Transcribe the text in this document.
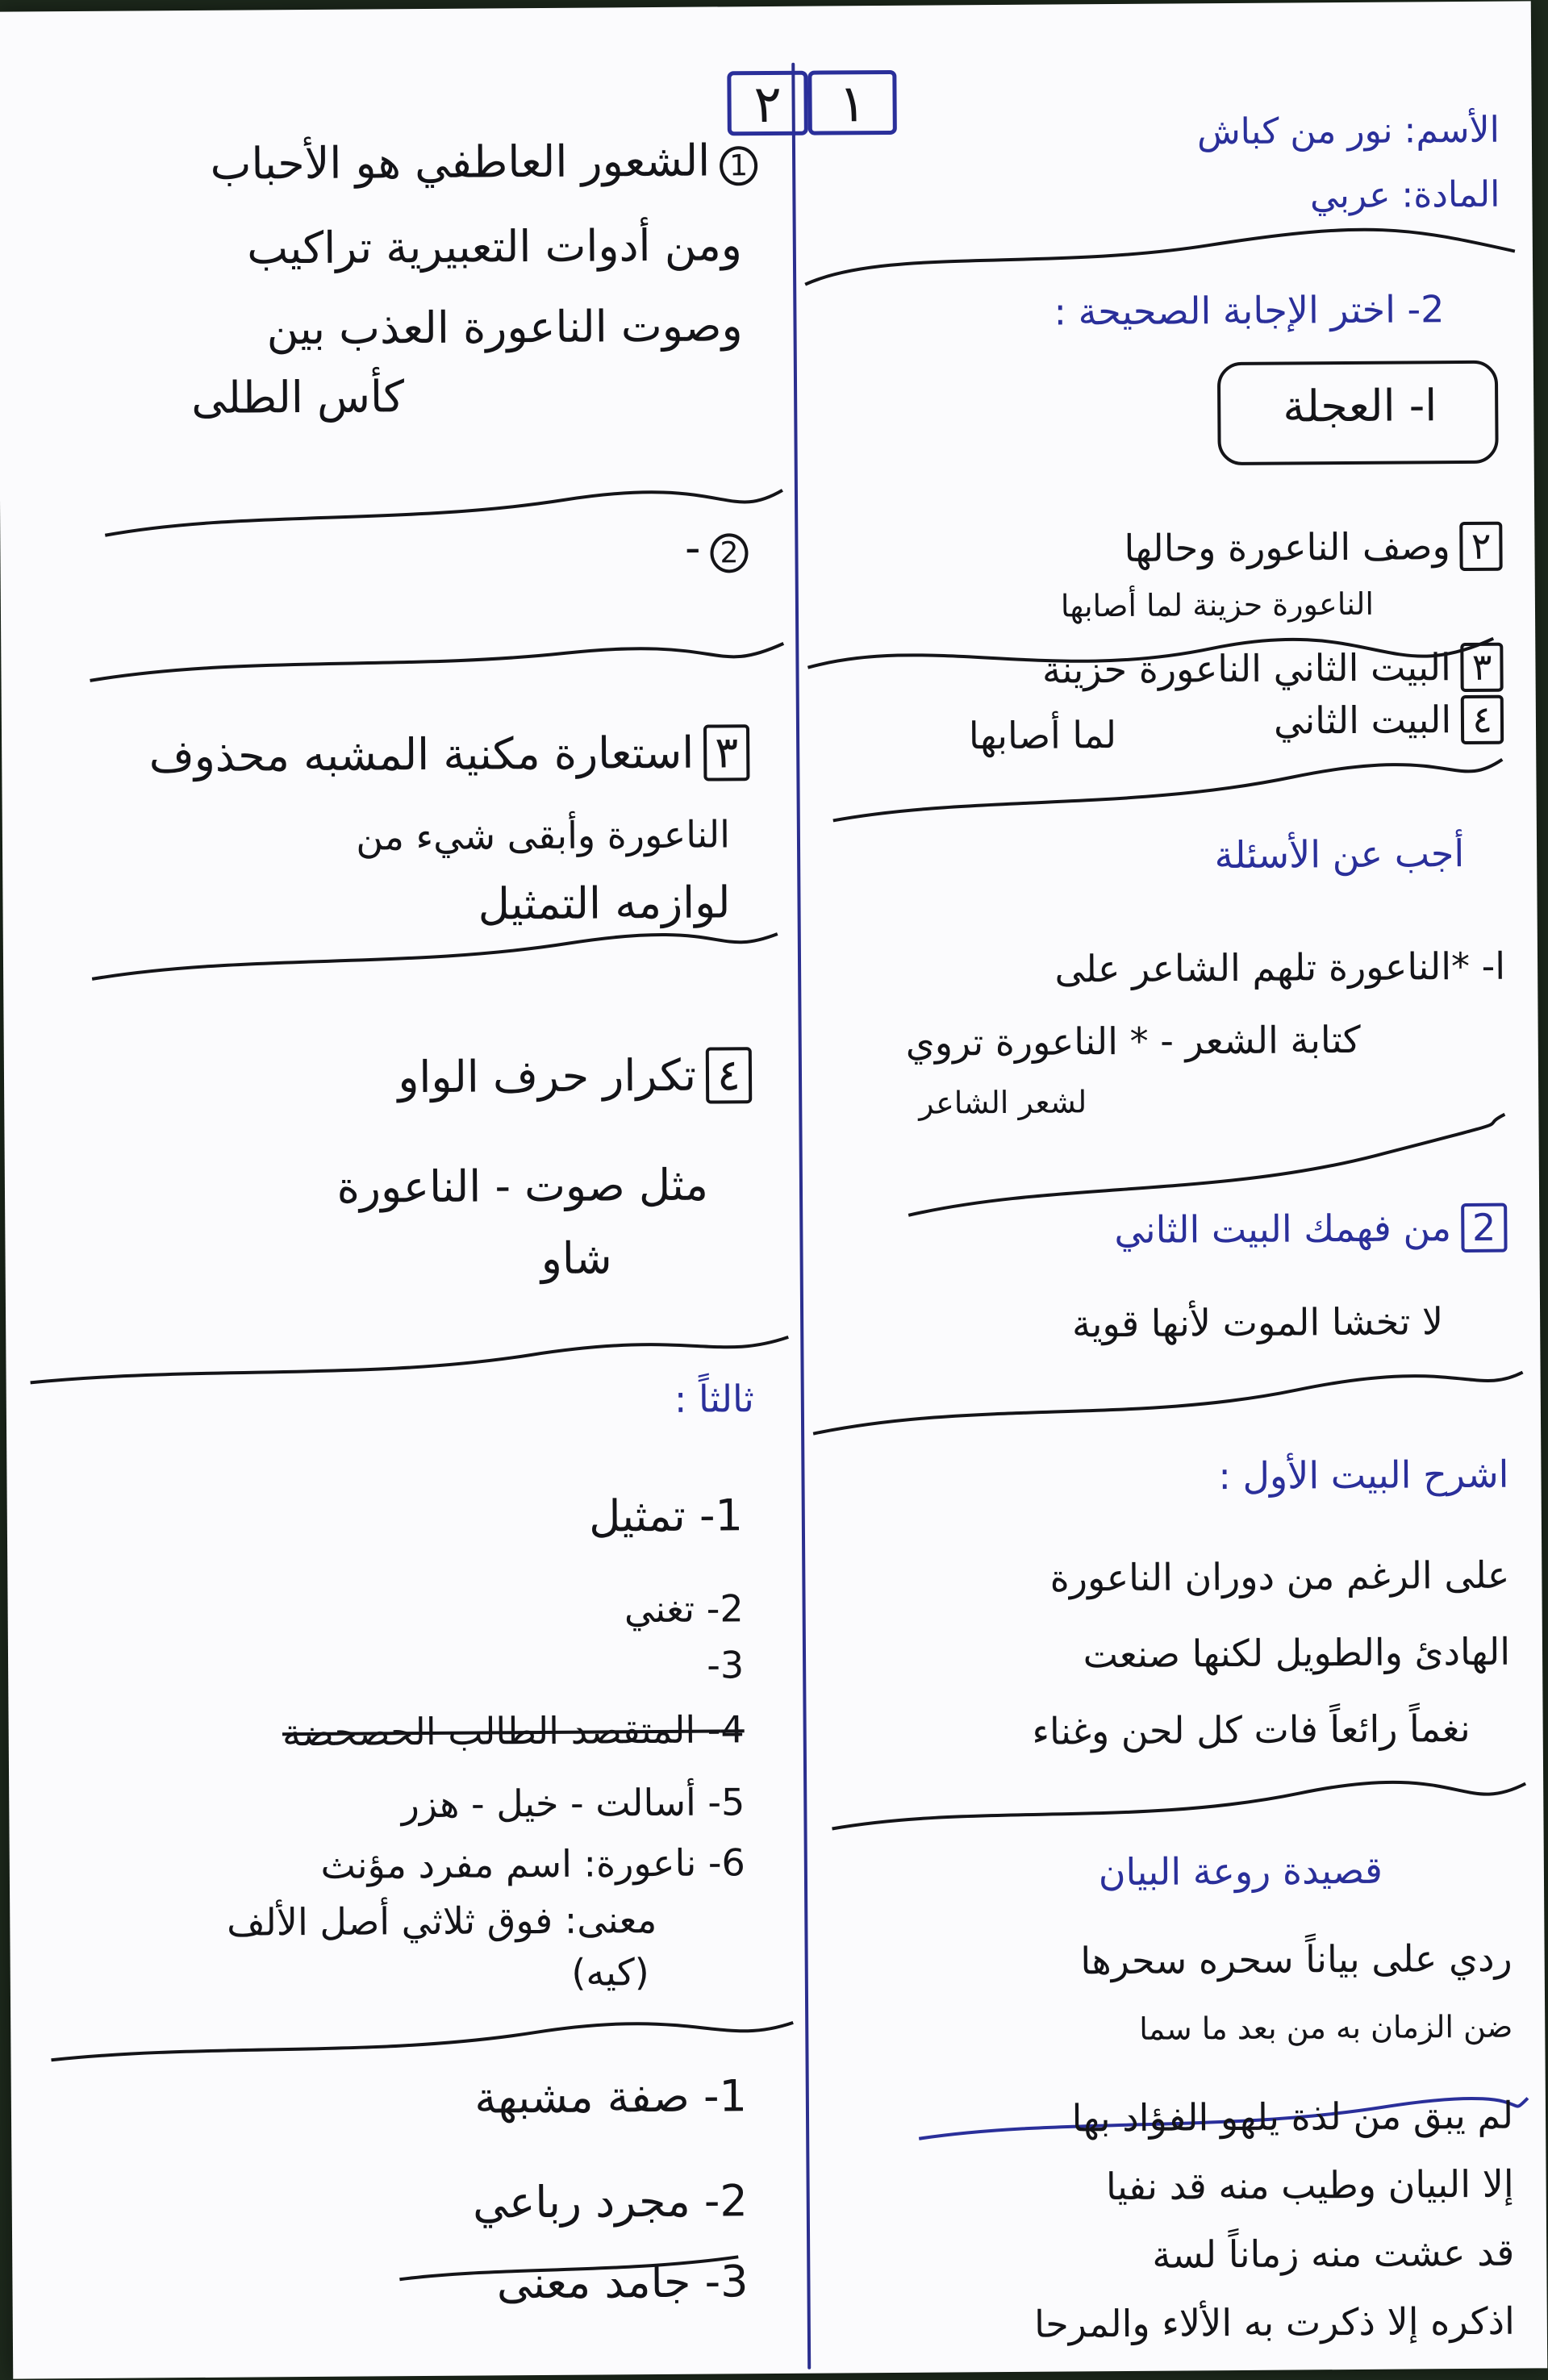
٢	١	الأسم: نور من كباش
المادة: عربي
2- اختر الإجابة الصحيحة :
ا- العجلة
٢وصف الناعورة وحالها
الناعورة حزينة لما أصابها
٣البيت الثاني الناعورة حزينة
٤البيت الثاني
لما أصابها
أجب عن الأسئلة
ا- *الناعورة تلهم الشاعر على
كتابة الشعر - * الناعورة تروي
لشعر الشاعر
2من فهمك البيت الثاني
لا تخشا الموت لأنها قوية
اشرح البيت الأول :
على الرغم من دوران الناعورة
الهادئ والطويل لكنها صنعت
نغماً رائعاً فات كل لحن وغناء
قصيدة روعة البيان
ردي على بياناً سحره سحرها
ضن الزمان به من بعد ما سما
لم يبق من لذة يلهو الفؤاد بها
إلا البيان وطيب منه قد نفيا
قد عشت منه زماناً لسة
اذكره إلا ذكرت به الألاء والمرحا
1الشعور العاطفي هو الأحباب
ومن أدوات التعبيرية تراكيب
وصوت الناعورة العذب بين
كأس الطلى
2-
٣استعارة مكنية المشبه محذوف
الناعورة وأبقى شيء من
لوازمه التمثيل
٤تكرار حرف الواو
مثل صوت - الناعورة
شاو
ثالثاً :
1- تمثيل
2- تغني
3-
4- المتقصد الطالب الحصحضة
5- أسالت - خيل - هزر
6- ناعورة: اسم مفرد مؤنث
معنى: فوق ثلاثي أصل الألف
(كيه)
1- صفة مشبهة
2- مجرد رباعي
3- جامد معنى
